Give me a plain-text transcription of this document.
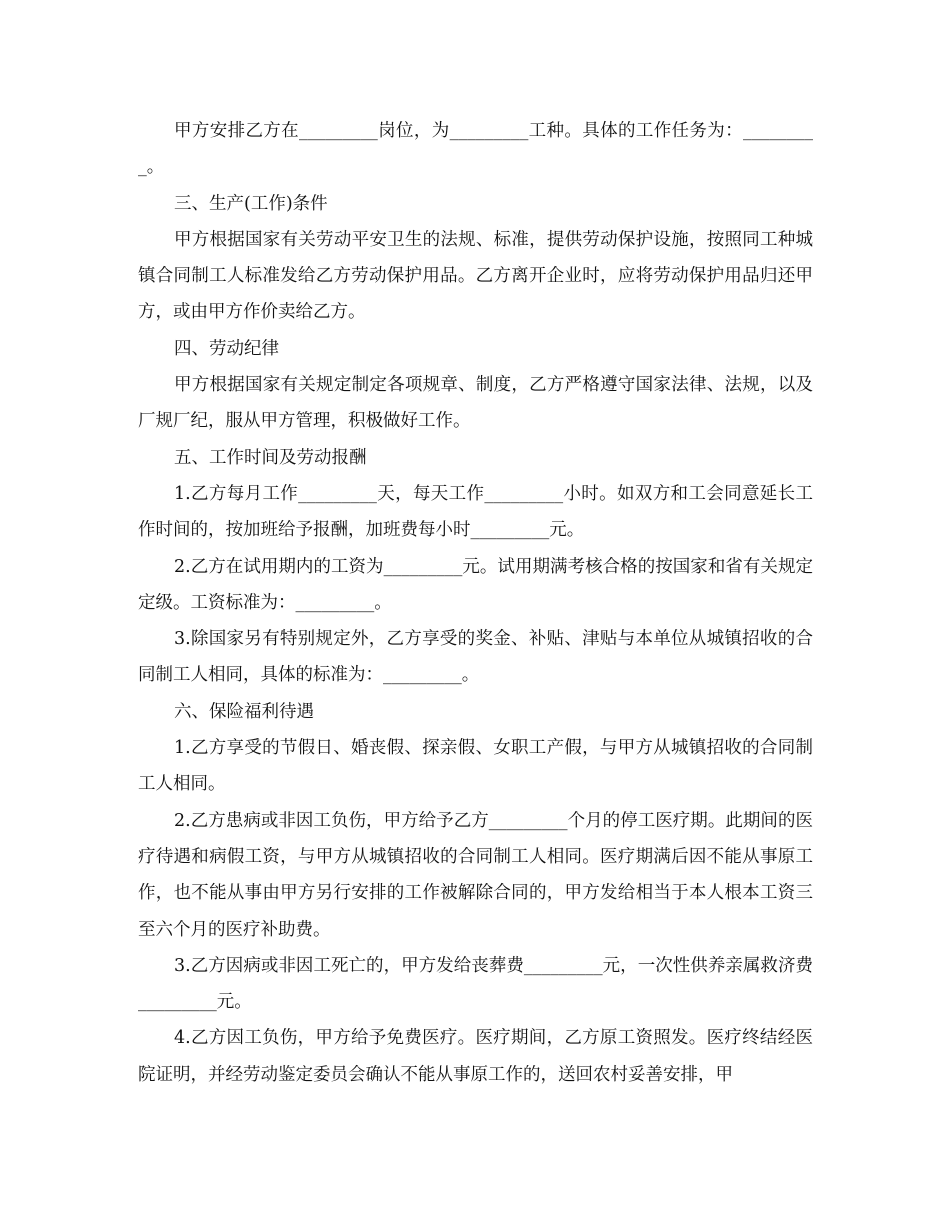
甲方安排乙方在_________岗位，为_________工种。具体的工作任务为：_________。

三、生产(工作)条件

甲方根据国家有关劳动平安卫生的法规、标准，提供劳动保护设施，按照同工种城镇合同制工人标准发给乙方劳动保护用品。乙方离开企业时，应将劳动保护用品归还甲方，或由甲方作价卖给乙方。

四、劳动纪律

甲方根据国家有关规定制定各项规章、制度，乙方严格遵守国家法律、法规，以及厂规厂纪，服从甲方管理，积极做好工作。

五、工作时间及劳动报酬

1.乙方每月工作_________天，每天工作_________小时。如双方和工会同意延长工作时间的，按加班给予报酬，加班费每小时_________元。

2.乙方在试用期内的工资为_________元。试用期满考核合格的按国家和省有关规定定级。工资标准为：_________。

3.除国家另有特别规定外，乙方享受的奖金、补贴、津贴与本单位从城镇招收的合同制工人相同，具体的标准为：_________。

六、保险福利待遇

1.乙方享受的节假日、婚丧假、探亲假、女职工产假，与甲方从城镇招收的合同制工人相同。

2.乙方患病或非因工负伤，甲方给予乙方_________个月的停工医疗期。此期间的医疗待遇和病假工资，与甲方从城镇招收的合同制工人相同。医疗期满后因不能从事原工作，也不能从事由甲方另行安排的工作被解除合同的，甲方发给相当于本人根本工资三至六个月的医疗补助费。

3.乙方因病或非因工死亡的，甲方发给丧葬费_________元，一次性供养亲属救济费_________元。

4.乙方因工负伤，甲方给予免费医疗。医疗期间，乙方原工资照发。医疗终结经医院证明，并经劳动鉴定委员会确认不能从事原工作的，送回农村妥善安排，甲
